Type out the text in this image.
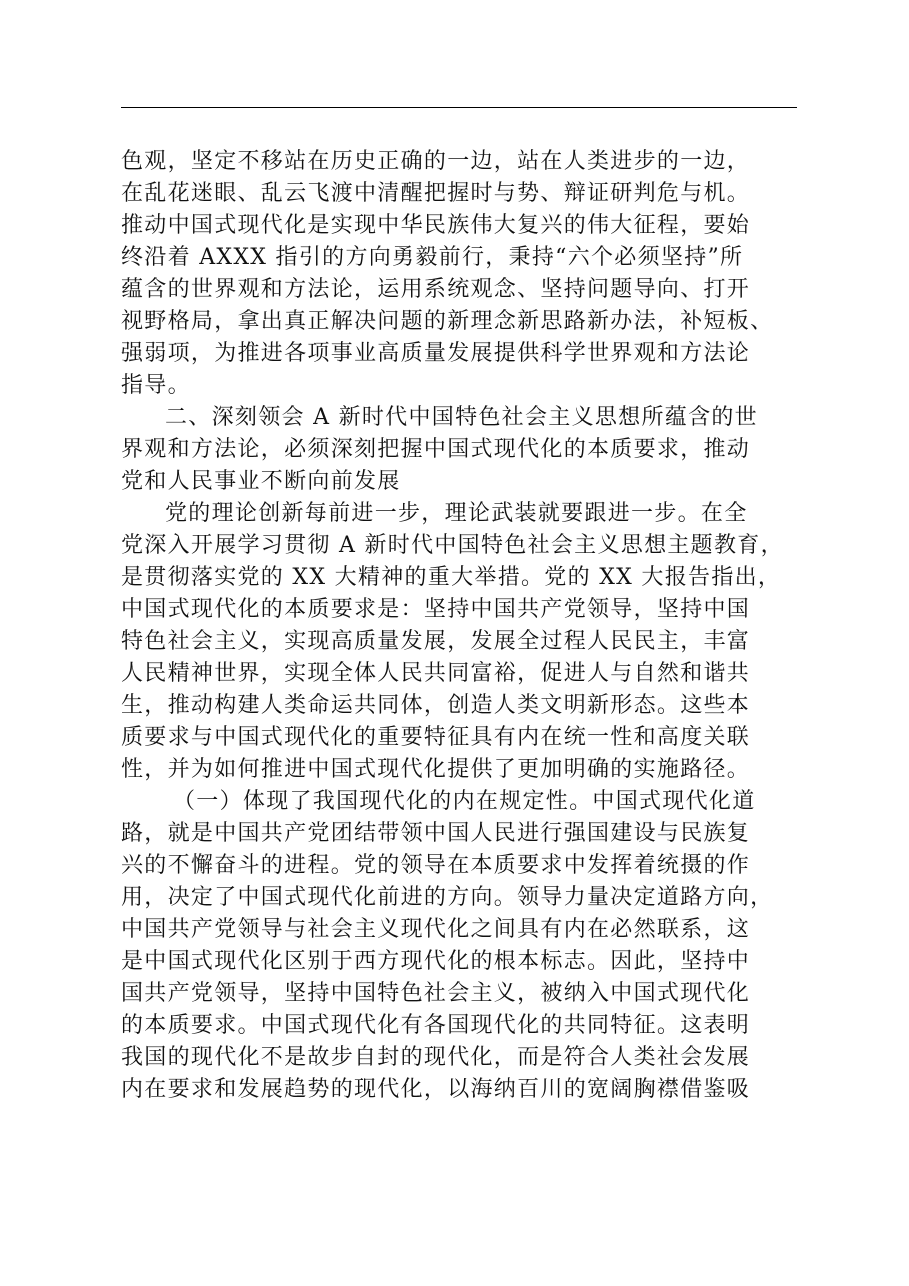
色观，坚定不移站在历史正确的一边，站在人类进步的一边，
在乱花迷眼、乱云飞渡中清醒把握时与势、辩证研判危与机。
推动中国式现代化是实现中华民族伟大复兴的伟大征程，要始
终沿着 AXXX 指引的方向勇毅前行，秉持“六个必须坚持”所
蕴含的世界观和方法论，运用系统观念、坚持问题导向、打开
视野格局，拿出真正解决问题的新理念新思路新办法，补短板、
强弱项，为推进各项事业高质量发展提供科学世界观和方法论
指导。
二、深刻领会 A 新时代中国特色社会主义思想所蕴含的世
界观和方法论，必须深刻把握中国式现代化的本质要求，推动
党和人民事业不断向前发展
党的理论创新每前进一步，理论武装就要跟进一步。在全
党深入开展学习贯彻 A 新时代中国特色社会主义思想主题教育，
是贯彻落实党的 XX 大精神的重大举措。党的 XX 大报告指出，
中国式现代化的本质要求是：坚持中国共产党领导，坚持中国
特色社会主义，实现高质量发展，发展全过程人民民主，丰富
人民精神世界，实现全体人民共同富裕，促进人与自然和谐共
生，推动构建人类命运共同体，创造人类文明新形态。这些本
质要求与中国式现代化的重要特征具有内在统一性和高度关联
性，并为如何推进中国式现代化提供了更加明确的实施路径。
（一）体现了我国现代化的内在规定性。中国式现代化道
路，就是中国共产党团结带领中国人民进行强国建设与民族复
兴的不懈奋斗的进程。党的领导在本质要求中发挥着统摄的作
用，决定了中国式现代化前进的方向。领导力量决定道路方向，
中国共产党领导与社会主义现代化之间具有内在必然联系，这
是中国式现代化区别于西方现代化的根本标志。因此，坚持中
国共产党领导，坚持中国特色社会主义，被纳入中国式现代化
的本质要求。中国式现代化有各国现代化的共同特征。这表明
我国的现代化不是故步自封的现代化，而是符合人类社会发展
内在要求和发展趋势的现代化，以海纳百川的宽阔胸襟借鉴吸
